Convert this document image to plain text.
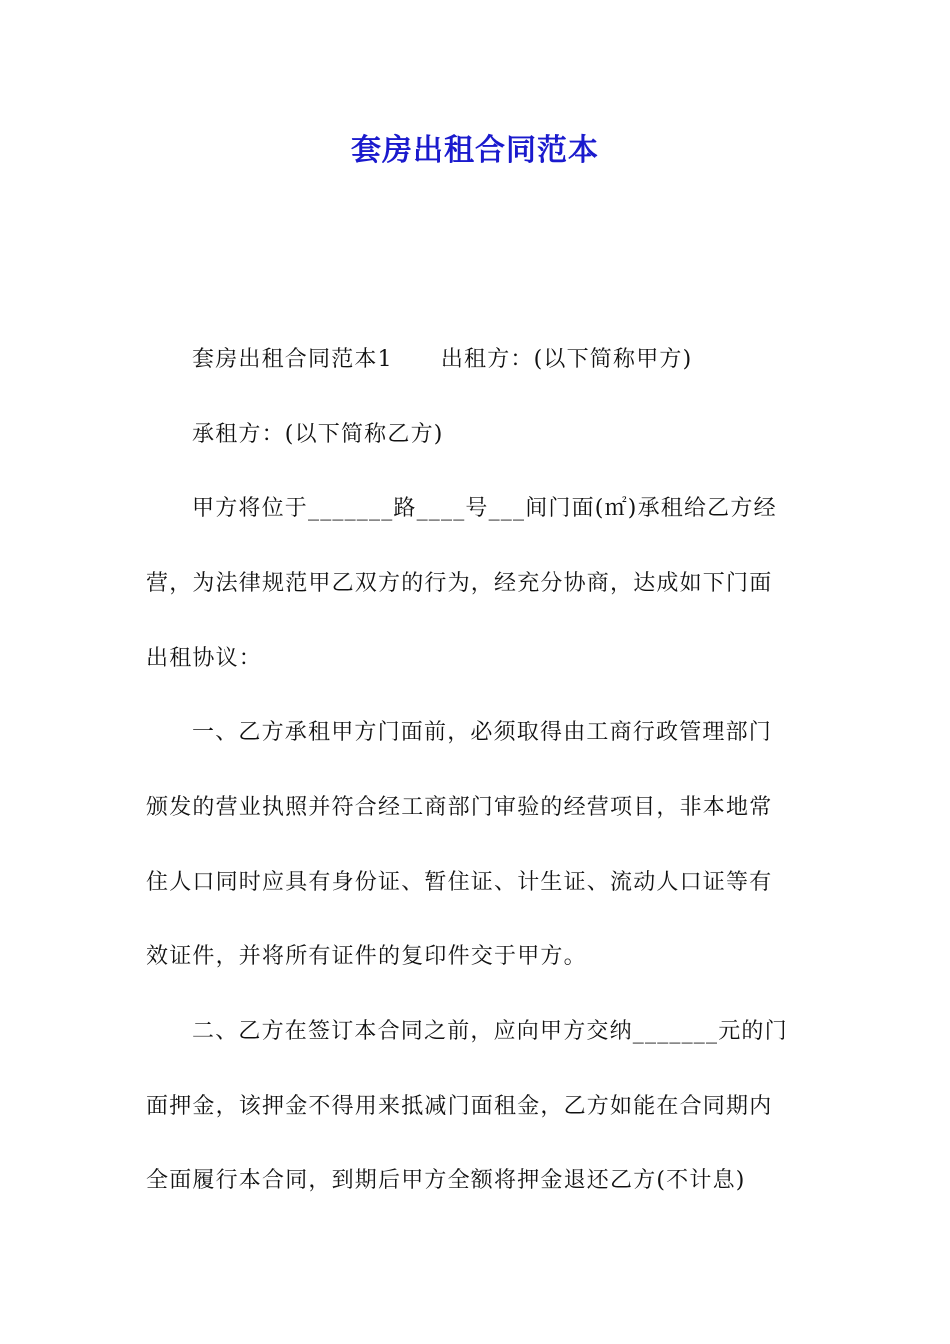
套房出租合同范本
套房出租合同范本1 出租方：(以下简称甲方)
承租方：(以下简称乙方)
甲方将位于_______路____号___间门面(㎡)承租给乙方经
营，为法律规范甲乙双方的行为，经充分协商，达成如下门面
出租协议：
一、乙方承租甲方门面前，必须取得由工商行政管理部门
颁发的营业执照并符合经工商部门审验的经营项目，非本地常
住人口同时应具有身份证、暂住证、计生证、流动人口证等有
效证件，并将所有证件的复印件交于甲方。
二、乙方在签订本合同之前，应向甲方交纳_______元的门
面押金，该押金不得用来抵减门面租金，乙方如能在合同期内
全面履行本合同，到期后甲方全额将押金退还乙方(不计息)
